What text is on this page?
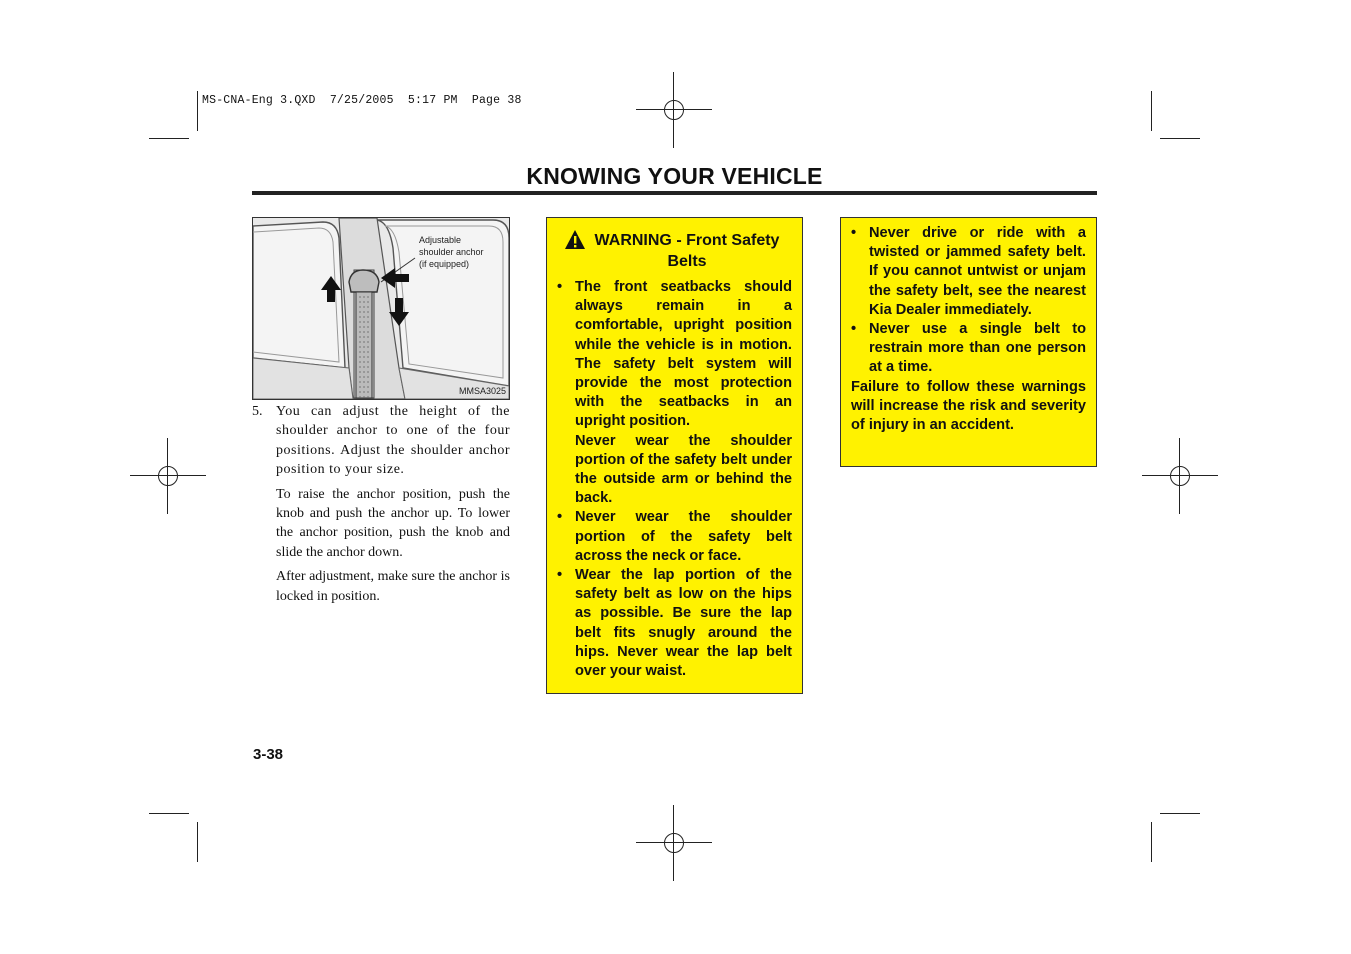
MS-CNA-Eng 3.QXD  7/25/2005  5:17 PM  Page 38
KNOWING YOUR VEHICLE
Adjustable
shoulder anchor
(if equipped)
MMSA3025
5. You can adjust the height of the shoulder anchor to one of the four positions. Adjust the shoulder anchor position to your size.

To raise the anchor position, push the knob and push the anchor up. To lower the anchor position, push the knob and slide the anchor down.

After adjustment, make sure the anchor is locked in position.

3-38
WARNING - Front Safety Belts
• The front seatbacks should always remain in a comfortable, upright position while the vehicle is in motion. The safety belt system will provide the most protection with the seatbacks in an upright position.
Never wear the shoulder portion of the safety belt under the outside arm or behind the back.
• Never wear the shoulder portion of the safety belt across the neck or face.
• Wear the lap portion of the safety belt as low on the hips as possible. Be sure the lap belt fits snugly around the hips. Never wear the lap belt over your waist.
• Never drive or ride with a twisted or jammed safety belt. If you cannot untwist or unjam the safety belt, see the nearest Kia Dealer immediately.
• Never use a single belt to restrain more than one person at a time.
Failure to follow these warnings will increase the risk and severity of injury in an accident.
